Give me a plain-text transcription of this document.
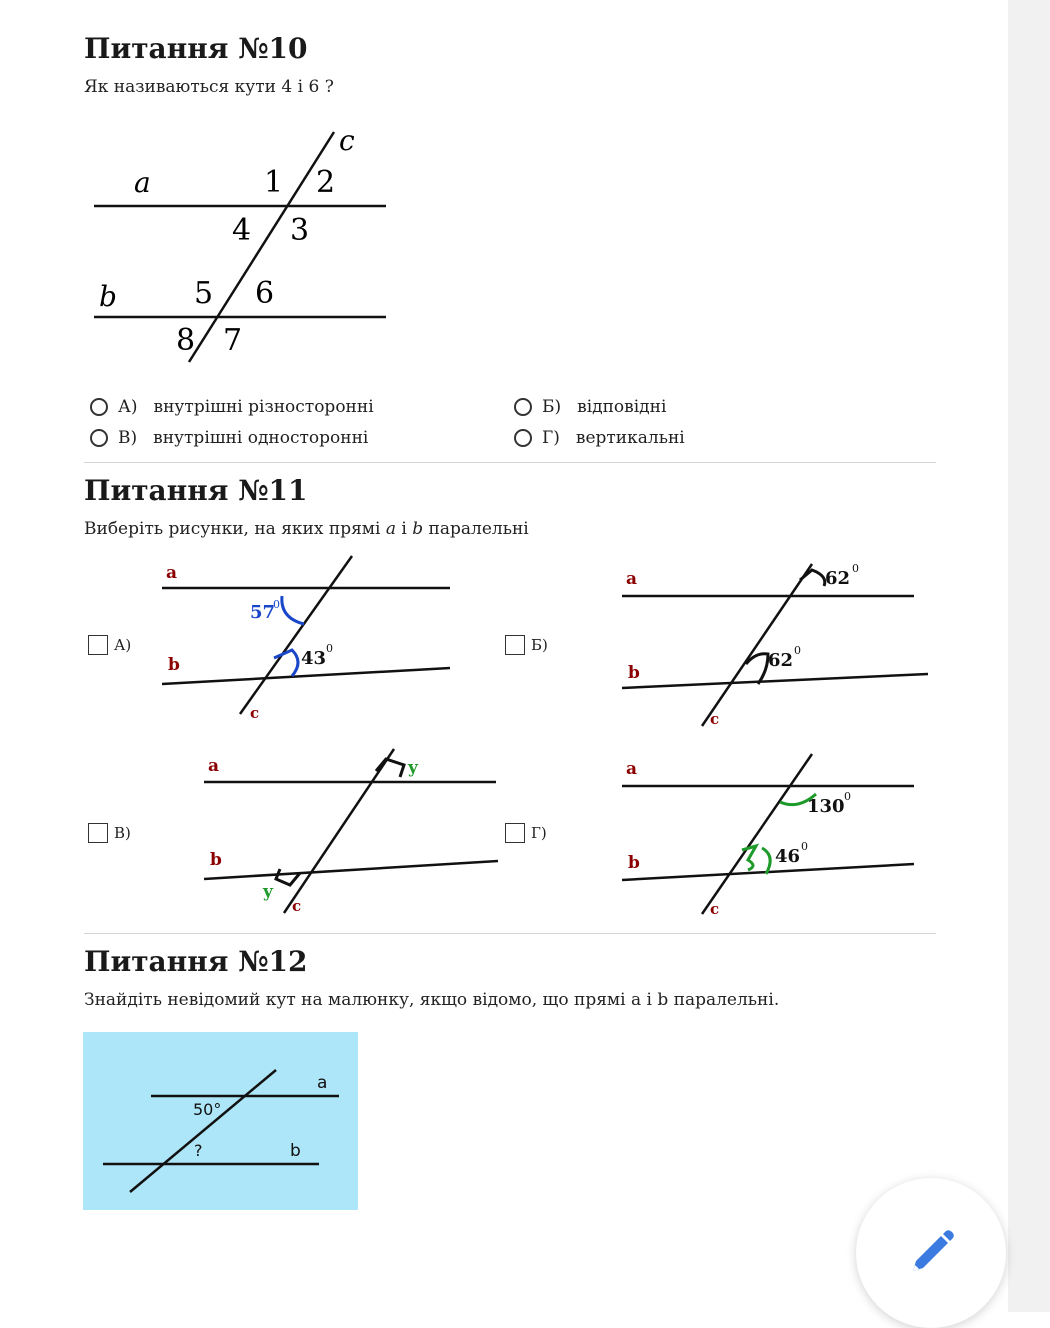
Питання №10
Як називаються кути 4 і 6 ?
a
b
c
1 2
4 3
5 6
8 7
А) внутрішні різносторонні	Б) відповідні
В) внутрішні односторонні	Г) вертикальні
Питання №11
Виберіть рисунки, на яких прямі a і b паралельні
А)
a
b
c
57
0
43 0	Б)
a
b
c
62 0
62 0
В)
a
b
c
y
y
Г)
a
b
c
130 0
46 0
Питання №12
Знайдіть невідомий кут на малюнку, якщо відомо, що прямі a і b паралельні.
50°
?
a
b
